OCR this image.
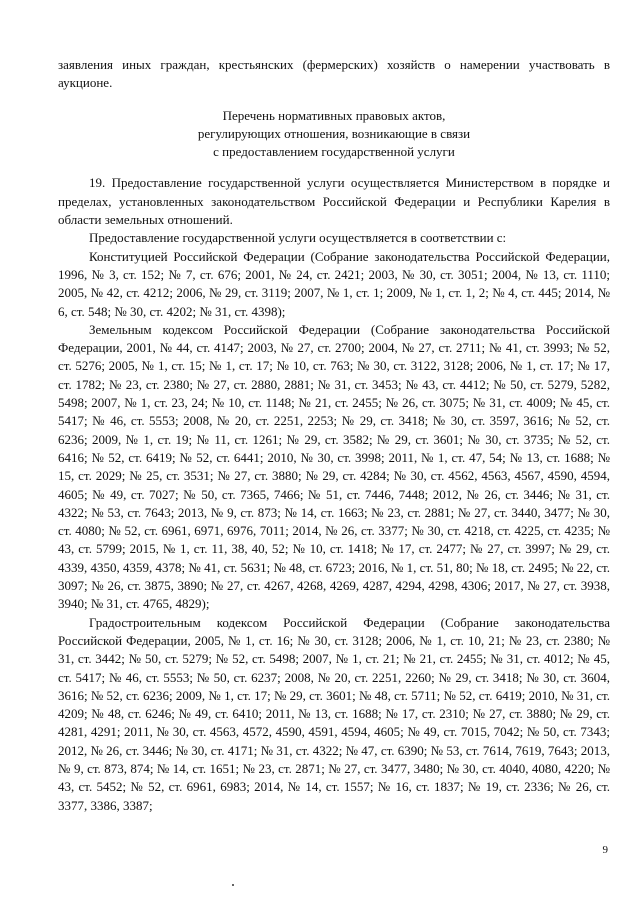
заявления иных граждан, крестьянских (фермерских) хозяйств о намерении участвовать в аукционе.

Перечень нормативных правовых актов,
регулирующих отношения, возникающие в связи
с предоставлением государственной услуги

19. Предоставление государственной услуги осуществляется Министерством в порядке и пределах, установленных законодательством Российской Федерации и Республики Карелия в области земельных отношений.

Предоставление государственной услуги осуществляется в соответствии с:

Конституцией Российской Федерации (Собрание законодательства Российской Федерации, 1996, № 3, ст. 152; № 7, ст. 676; 2001, № 24, ст. 2421; 2003, № 30, ст. 3051; 2004, № 13, ст. 1110; 2005, № 42, ст. 4212; 2006, № 29, ст. 3119; 2007, № 1, ст. 1; 2009, № 1, ст. 1, 2; № 4, ст. 445; 2014, № 6, ст. 548; № 30, ст. 4202; № 31, ст. 4398);

Земельным кодексом Российской Федерации (Собрание законодательства Российской Федерации, 2001, № 44, ст. 4147; 2003, № 27, ст. 2700; 2004, № 27, ст. 2711; № 41, ст. 3993; № 52, ст. 5276; 2005, № 1, ст. 15; № 1, ст. 17; № 10, ст. 763; № 30, ст. 3122, 3128; 2006, № 1, ст. 17; № 17, ст. 1782; № 23, ст. 2380; № 27, ст. 2880, 2881; № 31, ст. 3453; № 43, ст. 4412; № 50, ст. 5279, 5282, 5498; 2007, № 1, ст. 23, 24; № 10, ст. 1148; № 21, ст. 2455; № 26, ст. 3075; № 31, ст. 4009; № 45, ст. 5417; № 46, ст. 5553; 2008, № 20, ст. 2251, 2253; № 29, ст. 3418; № 30, ст. 3597, 3616; № 52, ст. 6236; 2009, № 1, ст. 19; № 11, ст. 1261; № 29, ст. 3582; № 29, ст. 3601; № 30, ст. 3735; № 52, ст. 6416; № 52, ст. 6419; № 52, ст. 6441; 2010, № 30, ст. 3998; 2011, № 1, ст. 47, 54; № 13, ст. 1688; № 15, ст. 2029; № 25, ст. 3531; № 27, ст. 3880; № 29, ст. 4284; № 30, ст. 4562, 4563, 4567, 4590, 4594, 4605; № 49, ст. 7027; № 50, ст. 7365, 7466; № 51, ст. 7446, 7448; 2012, № 26, ст. 3446; № 31, ст. 4322; № 53, ст. 7643; 2013, № 9, ст. 873; № 14, ст. 1663; № 23, ст. 2881; № 27, ст. 3440, 3477; № 30, ст. 4080; № 52, ст. 6961, 6971, 6976, 7011; 2014, № 26, ст. 3377; № 30, ст. 4218, ст. 4225, ст. 4235; № 43, ст. 5799; 2015, № 1, ст. 11, 38, 40, 52; № 10, ст. 1418; № 17, ст. 2477; № 27, ст. 3997; № 29, ст. 4339, 4350, 4359, 4378; № 41, ст. 5631; № 48, ст. 6723; 2016, № 1, ст. 51, 80; № 18, ст. 2495; № 22, ст. 3097; № 26, ст. 3875, 3890; № 27, ст. 4267, 4268, 4269, 4287, 4294, 4298, 4306; 2017, № 27, ст. 3938, 3940; № 31, ст. 4765, 4829);

Градостроительным кодексом Российской Федерации (Собрание законодательства Российской Федерации, 2005, № 1, ст. 16; № 30, ст. 3128; 2006, № 1, ст. 10, 21; № 23, ст. 2380; № 31, ст. 3442; № 50, ст. 5279; № 52, ст. 5498; 2007, № 1, ст. 21; № 21, ст. 2455; № 31, ст. 4012; № 45, ст. 5417; № 46, ст. 5553; № 50, ст. 6237; 2008, № 20, ст. 2251, 2260; № 29, ст. 3418; № 30, ст. 3604, 3616; № 52, ст. 6236; 2009, № 1, ст. 17; № 29, ст. 3601; № 48, ст. 5711; № 52, ст. 6419; 2010, № 31, ст. 4209; № 48, ст. 6246; № 49, ст. 6410; 2011, № 13, ст. 1688; № 17, ст. 2310; № 27, ст. 3880; № 29, ст. 4281, 4291; 2011, № 30, ст. 4563, 4572, 4590, 4591, 4594, 4605; № 49, ст. 7015, 7042; № 50, ст. 7343; 2012, № 26, ст. 3446; № 30, ст. 4171; № 31, ст. 4322; № 47, ст. 6390; № 53, ст. 7614, 7619, 7643; 2013, № 9, ст. 873, 874; № 14, ст. 1651; № 23, ст. 2871; № 27, ст. 3477, 3480; № 30, ст. 4040, 4080, 4220; № 43, ст. 5452; № 52, ст. 6961, 6983; 2014, № 14, ст. 1557; № 16, ст. 1837; № 19, ст. 2336; № 26, ст. 3377, 3386, 3387;

9
